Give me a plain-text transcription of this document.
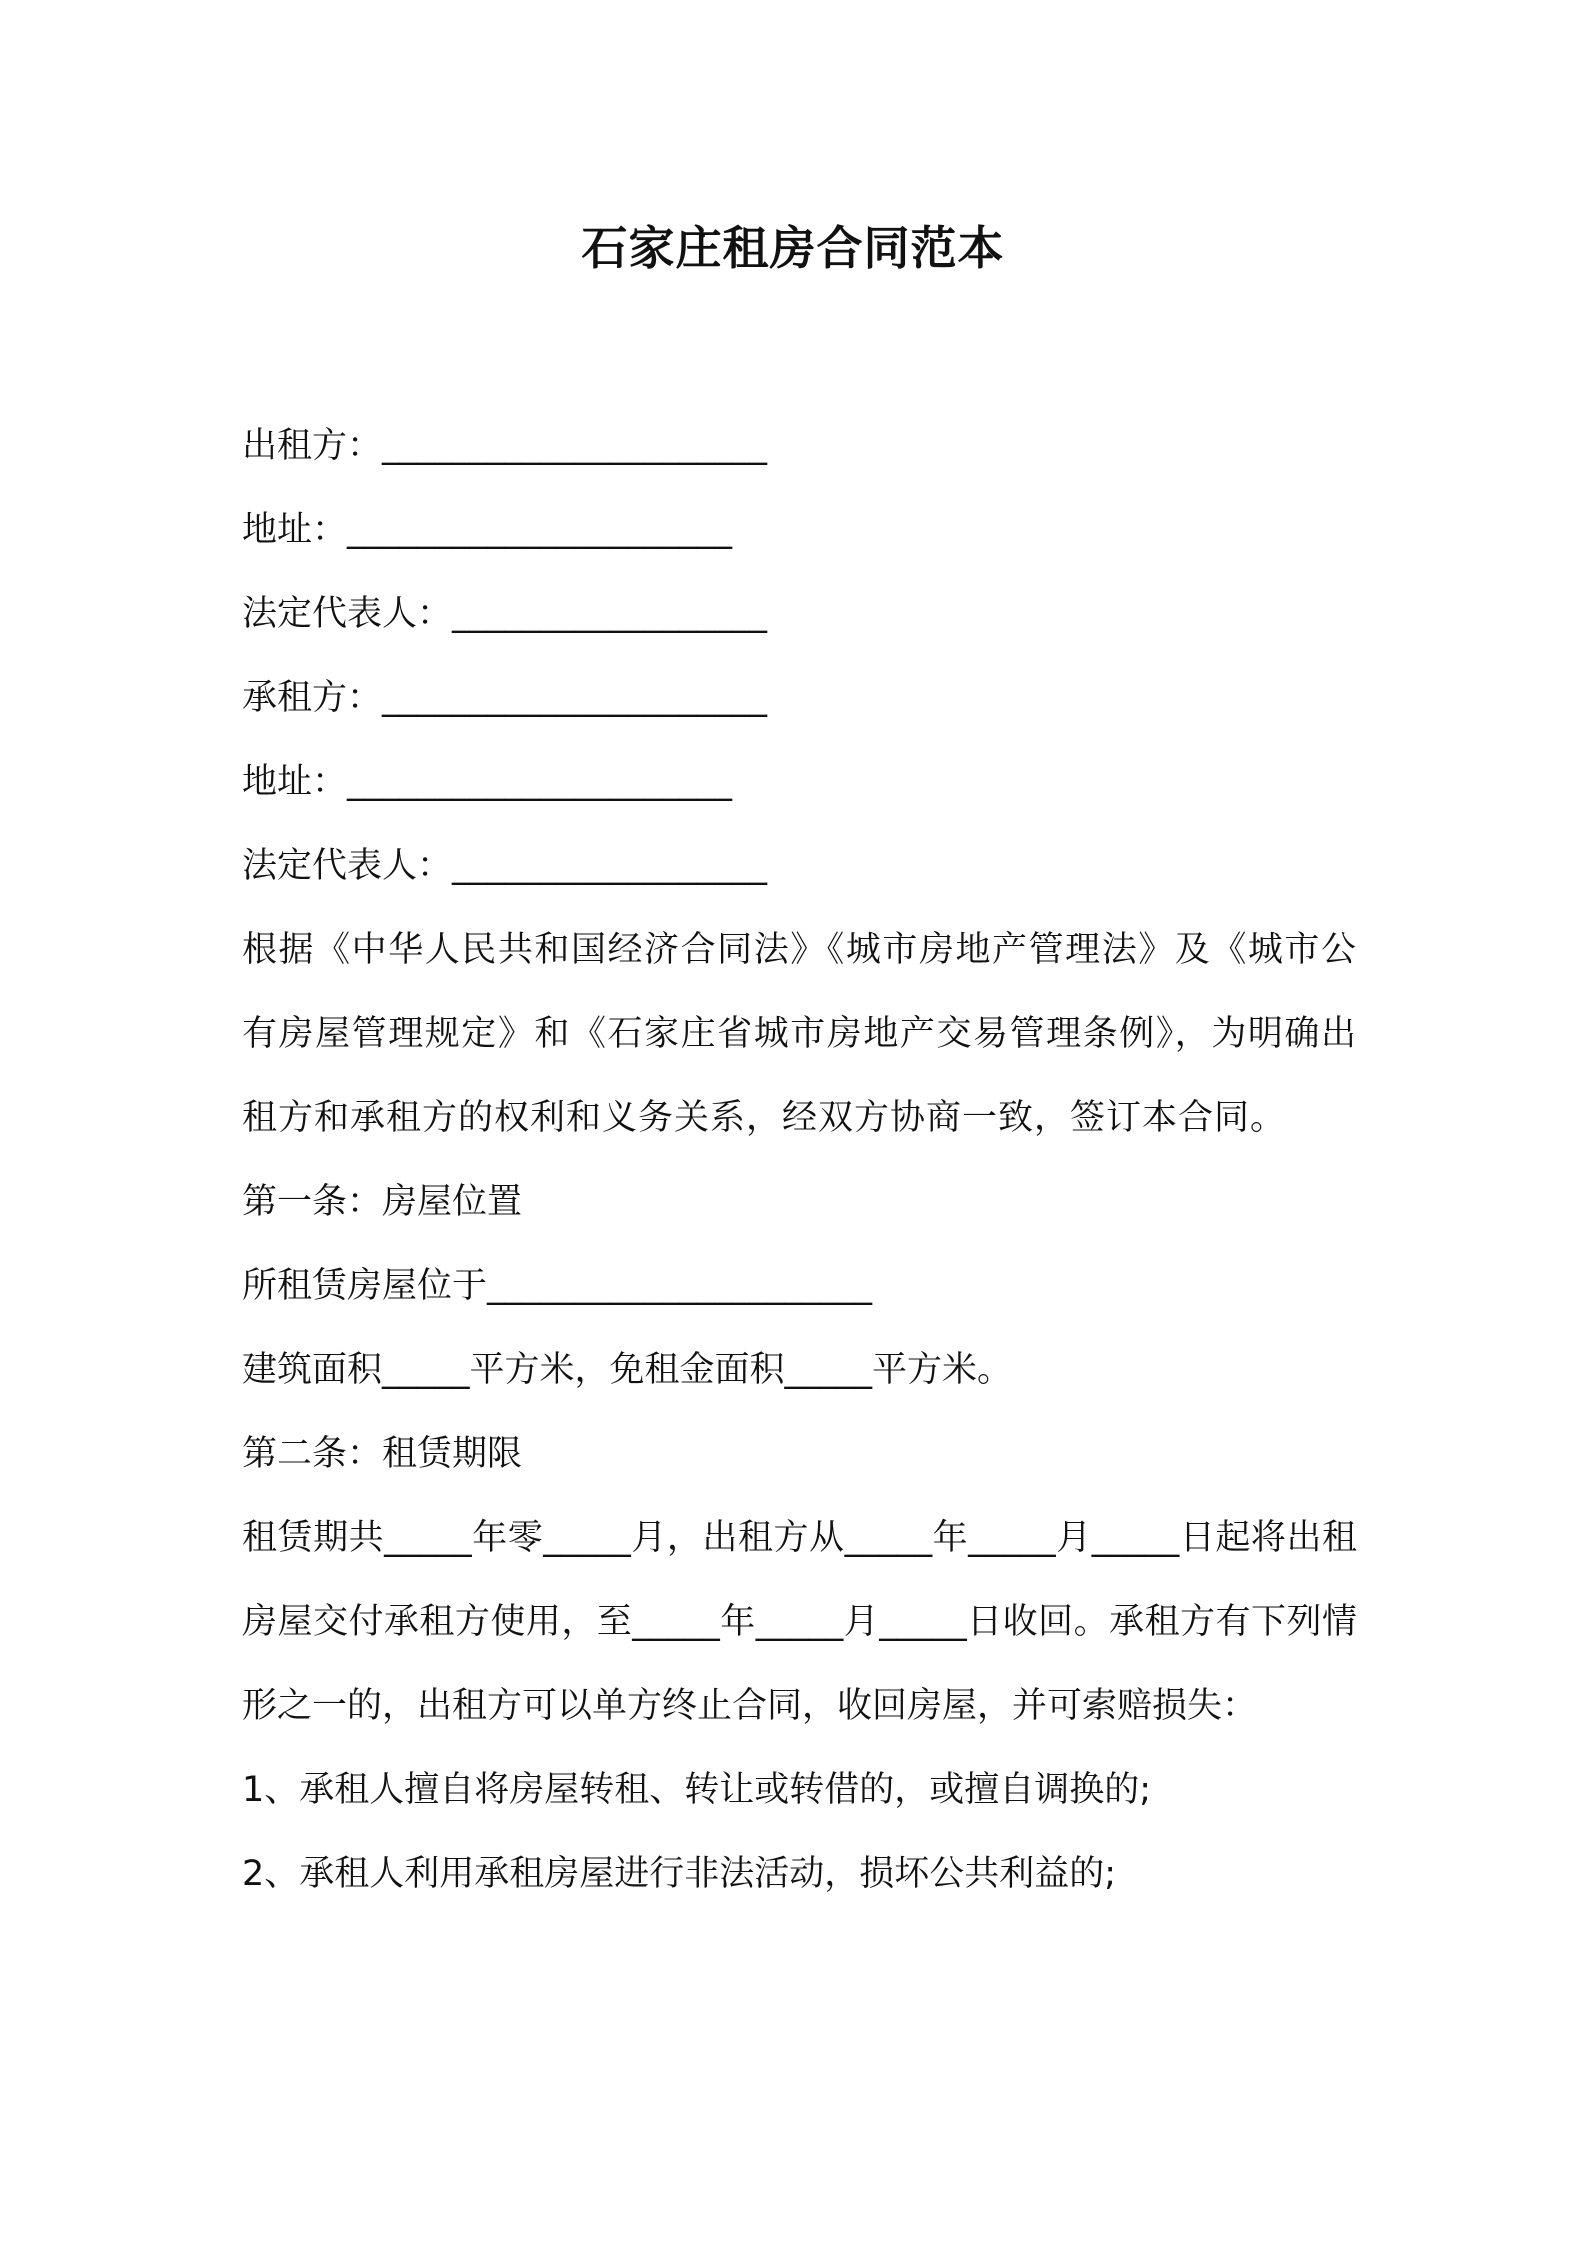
石家庄租房合同范本
出租方：______________________
地址：______________________
法定代表人：__________________
承租方：______________________
地址：______________________
法定代表人：__________________
根据《中华人民共和国经济合同法》《城市房地产管理法》及《城市公有房屋管理规定》和《石家庄省城市房地产交易管理条例》，为明确出租方和承租方的权利和义务关系，经双方协商一致，签订本合同。
第一条：房屋位置
所租赁房屋位于______________________
建筑面积_____平方米，免租金面积_____平方米。
第二条：租赁期限
租赁期共_____年零_____月，出租方从_____年_____月_____日起将出租房屋交付承租方使用，至_____年_____月_____日收回。承租方有下列情形之一的，出租方可以单方终止合同，收回房屋，并可索赔损失：
1、承租人擅自将房屋转租、转让或转借的，或擅自调换的;
2、承租人利用承租房屋进行非法活动，损坏公共利益的;
